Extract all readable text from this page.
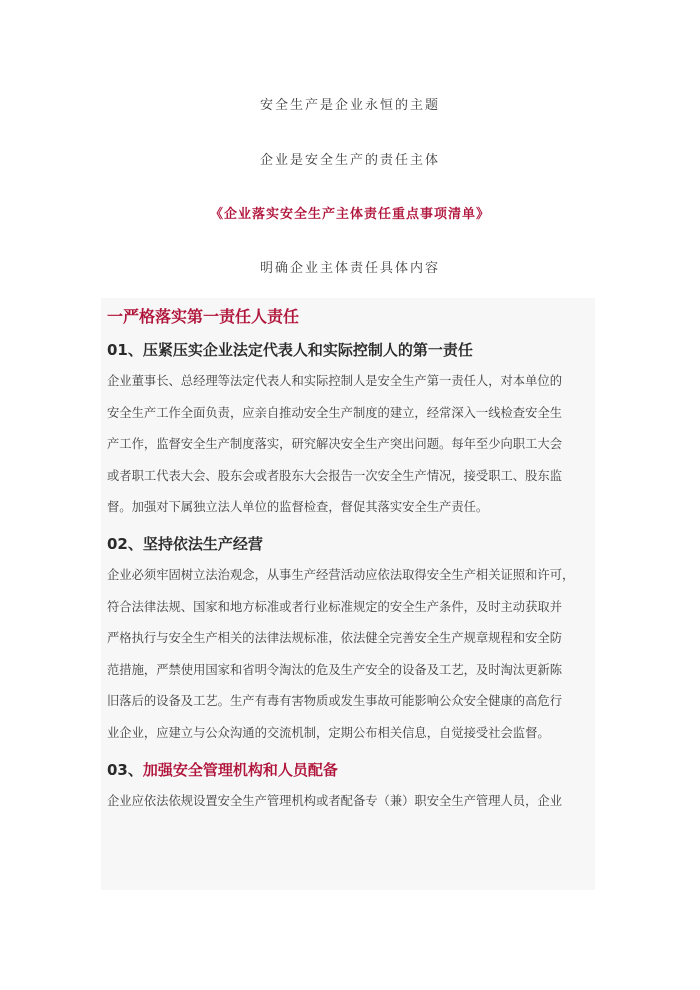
安全生产是企业永恒的主题
企业是安全生产的责任主体
《企业落实安全生产主体责任重点事项清单》
明确企业主体责任具体内容
一严格落实第一责任人责任
01、压紧压实企业法定代表人和实际控制人的第一责任

企业董事长、总经理等法定代表人和实际控制人是安全生产第一责任人，对本单位的

安全生产工作全面负责，应亲自推动安全生产制度的建立，经常深入一线检查安全生

产工作，监督安全生产制度落实，研究解决安全生产突出问题。每年至少向职工大会

或者职工代表大会、股东会或者股东大会报告一次安全生产情况，接受职工、股东监

督。加强对下属独立法人单位的监督检查，督促其落实安全生产责任。

02、坚持依法生产经营

企业必须牢固树立法治观念，从事生产经营活动应依法取得安全生产相关证照和许可，

符合法律法规、国家和地方标准或者行业标准规定的安全生产条件，及时主动获取并

严格执行与安全生产相关的法律法规标准，依法健全完善安全生产规章规程和安全防

范措施，严禁使用国家和省明令淘汰的危及生产安全的设备及工艺，及时淘汰更新陈

旧落后的设备及工艺。生产有毒有害物质或发生事故可能影响公众安全健康的高危行

业企业，应建立与公众沟通的交流机制，定期公布相关信息，自觉接受社会监督。

03、加强安全管理机构和人员配备

企业应依法依规设置安全生产管理机构或者配备专（兼）职安全生产管理人员，企业
